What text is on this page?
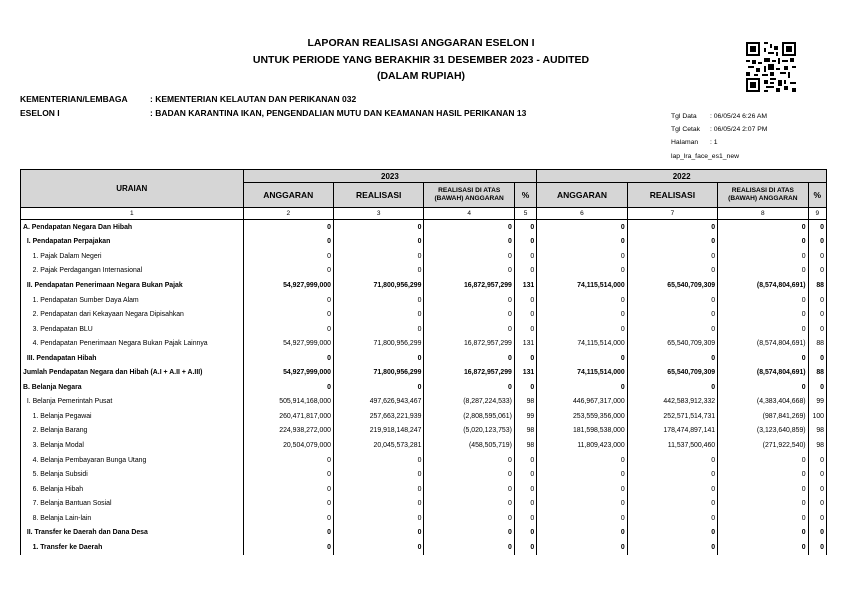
LAPORAN REALISASI ANGGARAN ESELON I
UNTUK PERIODE YANG BERAKHIR 31 DESEMBER 2023 - AUDITED
(DALAM RUPIAH)
KEMENTERIAN/LEMBAGA	: KEMENTERIAN KELAUTAN DAN PERIKANAN 032
ESELON I	: BADAN KARANTINA IKAN, PENGENDALIAN MUTU DAN KEAMANAN HASIL PERIKANAN 13	Tgl Data : 06/05/24 6:26 AM
Tgl Cetak : 06/05/24 2:07 PM
Halaman : 1
lap_lra_face_es1_new
URAIAN	2023				2022			
	ANGGARAN	REALISASI	REALISASI DI ATAS
(BAWAH) ANGGARAN	%	ANGGARAN	REALISASI	REALISASI DI ATAS
(BAWAH) ANGGARAN	%
1	2	3	4	5	6	7	8	9
A. Pendapatan Negara Dan Hibah	0	0	0	0	0	0	0	0
I. Pendapatan Perpajakan	0	0	0	0	0	0	0	0
1. Pajak Dalam Negeri	0	0	0	0	0	0	0	0
2. Pajak Perdagangan Internasional	0	0	0	0	0	0	0	0
II. Pendapatan Penerimaan Negara Bukan Pajak	54,927,999,000	71,800,956,299	16,872,957,299	131	74,115,514,000	65,540,709,309	(8,574,804,691)	88
1. Pendapatan Sumber Daya Alam	0	0	0	0	0	0	0	0
2. Pendapatan dari Kekayaan Negara Dipisahkan	0	0	0	0	0	0	0	0
3. Pendapatan BLU	0	0	0	0	0	0	0	0
4. Pendapatan Penerimaan Negara Bukan Pajak Lainnya	54,927,999,000	71,800,956,299	16,872,957,299	131	74,115,514,000	65,540,709,309	(8,574,804,691)	88
III. Pendapatan Hibah	0	0	0	0	0	0	0	0
Jumlah Pendapatan Negara dan Hibah (A.I + A.II + A.III)	54,927,999,000	71,800,956,299	16,872,957,299	131	74,115,514,000	65,540,709,309	(8,574,804,691)	88
B. Belanja Negara	0	0	0	0	0	0	0	0
I. Belanja Pemerintah Pusat	505,914,168,000	497,626,943,467	(8,287,224,533)	98	446,967,317,000	442,583,912,332	(4,383,404,668)	99
1. Belanja Pegawai	260,471,817,000	257,663,221,939	(2,808,595,061)	99	253,559,356,000	252,571,514,731	(987,841,269)	100
2. Belanja Barang	224,938,272,000	219,918,148,247	(5,020,123,753)	98	181,598,538,000	178,474,897,141	(3,123,640,859)	98
3. Belanja Modal	20,504,079,000	20,045,573,281	(458,505,719)	98	11,809,423,000	11,537,500,460	(271,922,540)	98
4. Belanja Pembayaran Bunga Utang	0	0	0	0	0	0	0	0
5. Belanja Subsidi	0	0	0	0	0	0	0	0
6. Belanja Hibah	0	0	0	0	0	0	0	0
7. Belanja Bantuan Sosial	0	0	0	0	0	0	0	0
8. Belanja Lain-lain	0	0	0	0	0	0	0	0
II. Transfer ke Daerah dan Dana Desa	0	0	0	0	0	0	0	0
1. Transfer ke Daerah	0	0	0	0	0	0	0	0
